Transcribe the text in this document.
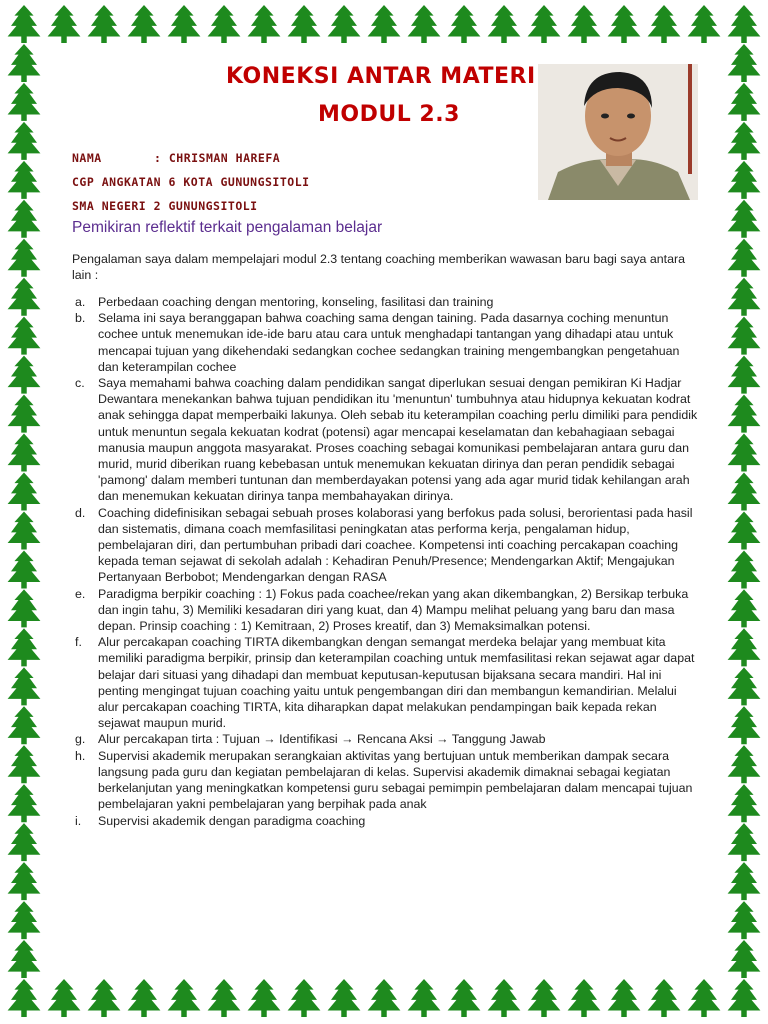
KONEKSI ANTAR MATERI
MODUL 2.3
NAMA	: CHRISMAN HAREFA
CGP ANGKATAN 6 KOTA GUNUNGSITOLI
SMA NEGERI 2 GUNUNGSITOLI
Pemikiran reflektif terkait pengalaman belajar
Pengalaman saya dalam mempelajari modul 2.3 tentang coaching memberikan wawasan baru bagi saya antara lain :
a. Perbedaan coaching dengan mentoring, konseling, fasilitasi dan training
b. Selama ini saya beranggapan bahwa coaching sama dengan taining. Pada dasarnya coching menuntun cochee untuk menemukan ide-ide baru atau cara untuk menghadapi tantangan yang dihadapi atau untuk mencapai tujuan yang dikehendaki sedangkan cochee sedangkan training mengembangkan pengetahuan dan keterampilan cochee
c. Saya memahami bahwa coaching dalam pendidikan sangat diperlukan sesuai dengan pemikiran Ki Hadjar Dewantara menekankan bahwa tujuan pendidikan itu 'menuntun' tumbuhnya atau hidupnya kekuatan kodrat anak sehingga dapat memperbaiki lakunya. Oleh sebab itu keterampilan coaching perlu dimiliki para pendidik untuk menuntun segala kekuatan kodrat (potensi) agar mencapai keselamatan dan kebahagiaan sebagai manusia maupun anggota masyarakat. Proses coaching sebagai komunikasi pembelajaran antara guru dan murid, murid diberikan ruang kebebasan untuk menemukan kekuatan dirinya dan peran pendidik sebagai 'pamong' dalam memberi tuntunan dan memberdayakan potensi yang ada agar murid tidak kehilangan arah dan menemukan kekuatan dirinya tanpa membahayakan dirinya.
d. Coaching didefinisikan sebagai sebuah proses kolaborasi yang berfokus pada solusi, berorientasi pada hasil dan sistematis, dimana coach memfasilitasi peningkatan atas performa kerja, pengalaman hidup, pembelajaran diri, dan pertumbuhan pribadi dari coachee. Kompetensi inti coaching percakapan coaching kepada teman sejawat di sekolah adalah : Kehadiran Penuh/Presence; Mendengarkan Aktif; Mengajukan Pertanyaan Berbobot; Mendengarkan dengan RASA
e. Paradigma berpikir coaching : 1) Fokus pada coachee/rekan yang akan dikembangkan, 2) Bersikap terbuka dan ingin tahu, 3) Memiliki kesadaran diri yang kuat, dan 4) Mampu melihat peluang yang baru dan masa depan. Prinsip coaching : 1) Kemitraan, 2) Proses kreatif, dan 3) Memaksimalkan potensi.
f. Alur percakapan coaching TIRTA dikembangkan dengan semangat merdeka belajar yang membuat kita memiliki paradigma berpikir, prinsip dan keterampilan coaching untuk memfasilitasi rekan sejawat agar dapat belajar dari situasi yang dihadapi dan membuat keputusan-keputusan bijaksana secara mandiri. Hal ini penting mengingat tujuan coaching yaitu untuk pengembangan diri dan membangun kemandirian. Melalui alur percakapan coaching TIRTA, kita diharapkan dapat melakukan pendampingan baik kepada rekan sejawat maupun murid.
g. Alur percakapan tirta : Tujuan → Identifikasi → Rencana Aksi → Tanggung Jawab
h. Supervisi akademik merupakan serangkaian aktivitas yang bertujuan untuk memberikan dampak secara langsung pada guru dan kegiatan pembelajaran di kelas. Supervisi akademik dimaknai sebagai kegiatan berkelanjutan yang meningkatkan kompetensi guru sebagai pemimpin pembelajaran dalam mencapai tujuan pembelajaran yakni pembelajaran yang berpihak pada anak
i. Supervisi akademik dengan paradigma coaching
